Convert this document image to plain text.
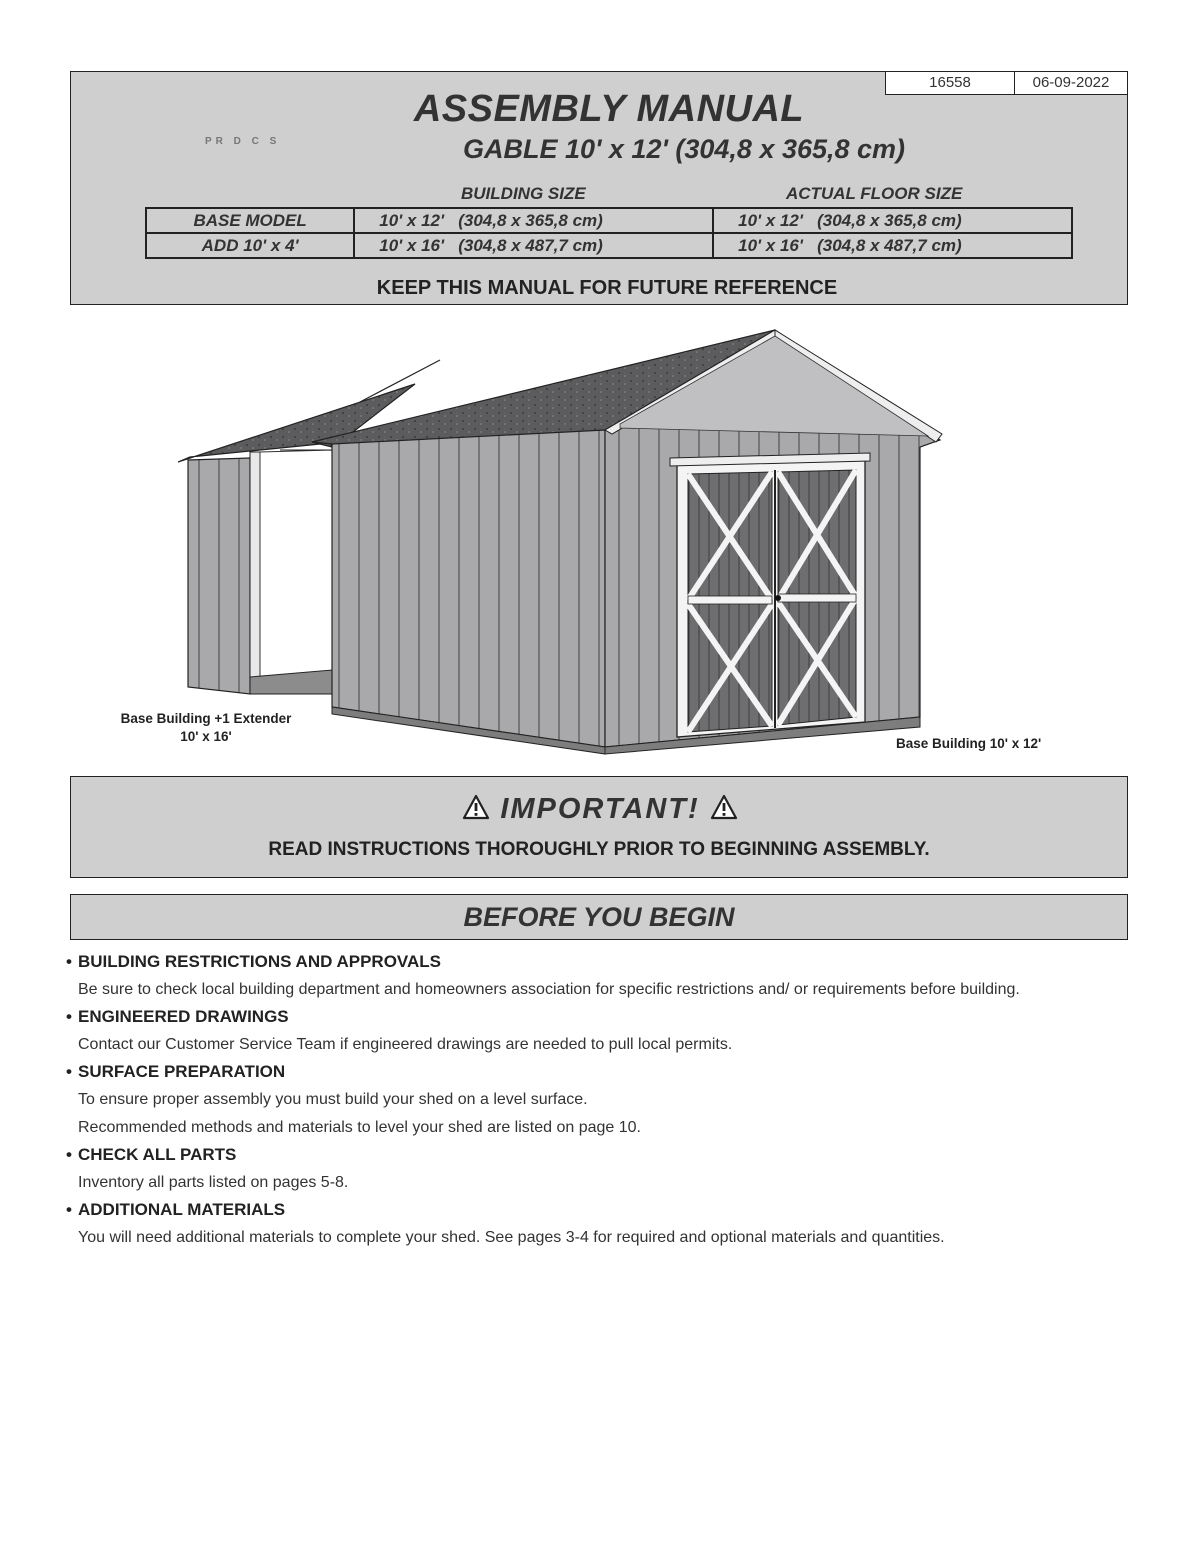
16558	06-09-2022
ASSEMBLY MANUAL
PR D C S	GABLE 10' x 12' (304,8 x 365,8 cm)
BUILDING SIZE	ACTUAL FLOOR SIZE
BASE MODEL	10' x 12'   (304,8 x 365,8 cm)	10' x 12'   (304,8 x 365,8 cm)
ADD 10' x 4'	10' x 16'   (304,8 x 487,7 cm)	10' x 16'   (304,8 x 487,7 cm)
KEEP THIS MANUAL FOR FUTURE REFERENCE
Base Building +1 Extender
10' x 16'	Base Building 10' x 12'
IMPORTANT!
READ INSTRUCTIONS THOROUGHLY PRIOR TO BEGINNING ASSEMBLY.
BEFORE YOU BEGIN
• BUILDING RESTRICTIONS AND APPROVALS
Be sure to check local building department and homeowners association for specific restrictions and/ or requirements before building.
• ENGINEERED DRAWINGS
Contact our Customer Service Team if engineered drawings are needed to pull local permits.
• SURFACE PREPARATION
To ensure proper assembly you must build your shed on a level surface.
Recommended methods and materials to level your shed are listed on page 10.
• CHECK ALL PARTS
Inventory all parts listed on pages 5-8.
• ADDITIONAL MATERIALS
You will need additional materials to complete your shed. See pages 3-4 for required and optional materials and quantities.
